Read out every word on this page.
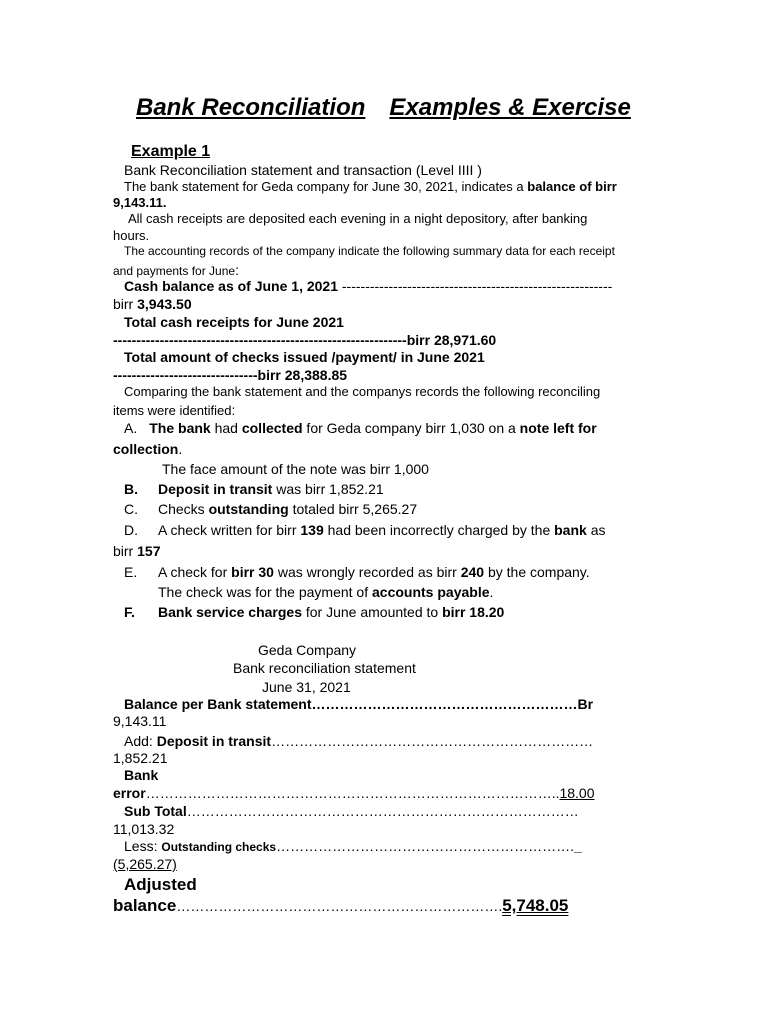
Bank Reconciliation Examples & Exercise
Example 1
Bank Reconciliation statement and transaction (Level IIII )
The bank statement for Geda company for June 30, 2021, indicates a balance of birr
9,143.11.
All cash receipts are deposited each evening in a night depository, after banking
hours.
The accounting records of the company indicate the following summary data for each receipt
and payments for June:
Cash balance as of June 1, 2021 ----------------------------------------------------------
birr 3,943.50
Total cash receipts for June 2021
---------------------------------------------------------------birr 28,971.60
Total amount of checks issued /payment/ in June 2021
-------------------------------birr 28,388.85
Comparing the bank statement and the companys records the following reconciling
items were identified:
A. The bank had collected for Geda company birr 1,030 on a note left for
collection.
The face amount of the note was birr 1,000
B. Deposit in transit was birr 1,852.21
C. Checks outstanding totaled birr 5,265.27
D. A check written for birr 139 had been incorrectly charged by the bank as
birr 157
E. A check for birr 30 was wrongly recorded as birr 240 by the company.
The check was for the payment of accounts payable.
F. Bank service charges for June amounted to birr 18.20
Geda Company
Bank reconciliation statement
June 31, 2021
Balance per Bank statement…………………………………………………Br
9,143.11
Add: Deposit in transit……………………………………………………………
1,852.21
Bank
error……………………………………………………………………………..18.00
Sub Total…………………………………………………………………………
11,013.32
Less: Outstanding checks………………………………………………………._
(5,265.27)
Adjusted
balance…………………………………………………………….5,748.05
